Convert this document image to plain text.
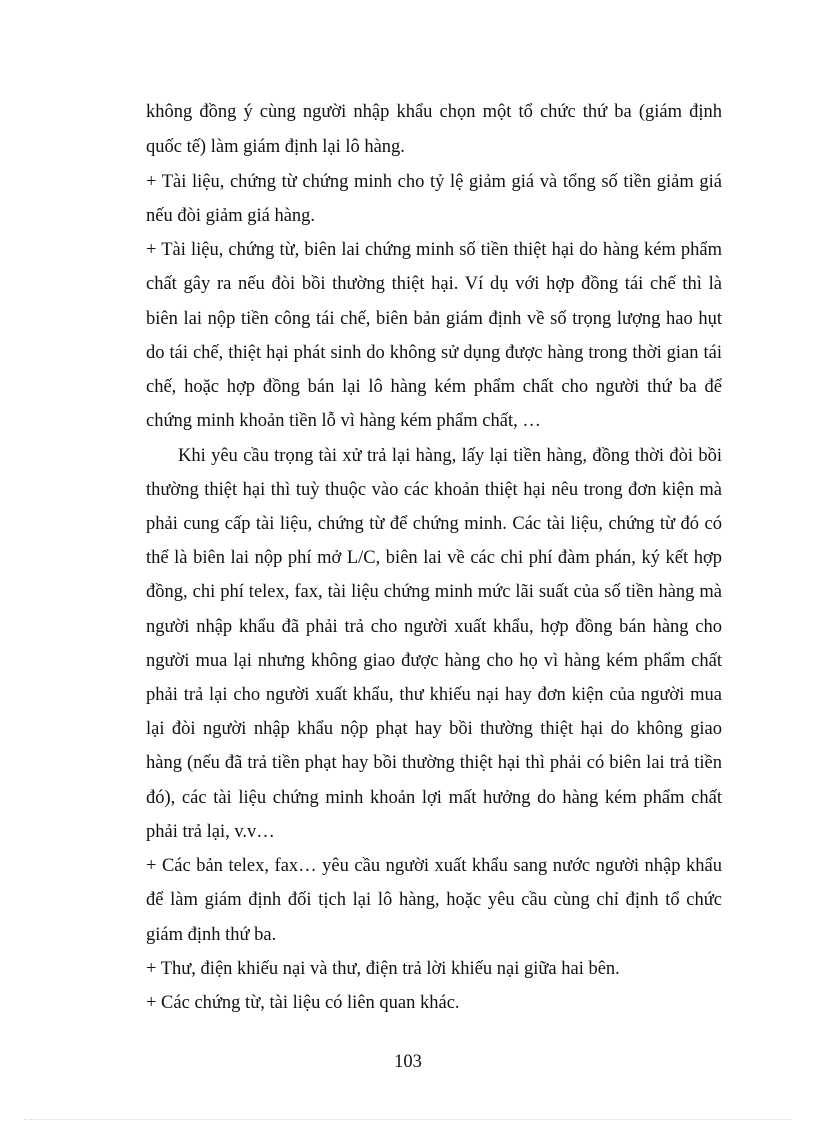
không đồng ý cùng người nhập khẩu chọn một tổ chức thứ ba (giám định
quốc tế) làm giám định lại lô hàng.
+ Tài liệu, chứng từ chứng minh cho tỷ lệ giảm giá và tổng số tiền giảm giá
nếu đòi giảm giá hàng.
+ Tài liệu, chứng từ, biên lai chứng minh số tiền thiệt hại do hàng kém phẩm
chất gây ra nếu đòi bồi thường thiệt hại. Ví dụ với hợp đồng tái chế thì là
biên lai nộp tiền công tái chế, biên bản giám định về số trọng lượng hao hụt
do tái chế, thiệt hại phát sinh do không sử dụng được hàng trong thời gian tái
chế, hoặc hợp đồng bán lại lô hàng kém phẩm chất cho người thứ ba để
chứng minh khoản tiền lỗ vì hàng kém phẩm chất, …
Khi yêu cầu trọng tài xử trả lại hàng, lấy lại tiền hàng, đồng thời đòi bồi
thường thiệt hại thì tuỳ thuộc vào các khoản thiệt hại nêu trong đơn kiện mà
phải cung cấp tài liệu, chứng từ để chứng minh. Các tài liệu, chứng từ đó có
thể là biên lai nộp phí mở L/C, biên lai về các chi phí đàm phán, ký kết hợp
đồng, chi phí telex, fax, tài liệu chứng minh mức lãi suất của số tiền hàng mà
người nhập khẩu đã phải trả cho người xuất khẩu, hợp đồng bán hàng cho
người mua lại nhưng không giao được hàng cho họ vì hàng kém phẩm chất
phải trả lại cho người xuất khẩu, thư khiếu nại hay đơn kiện của người mua
lại đòi người nhập khẩu nộp phạt hay bồi thường thiệt hại do không giao
hàng (nếu đã trả tiền phạt hay bồi thường thiệt hại thì phải có biên lai trả tiền
đó), các tài liệu chứng minh khoản lợi mất hưởng do hàng kém phẩm chất
phải trả lại, v.v…
+ Các bản telex, fax… yêu cầu người xuất khẩu sang nước người nhập khẩu
để làm giám định đối tịch lại lô hàng, hoặc yêu cầu cùng chỉ định tổ chức
giám định thứ ba.
+ Thư, điện khiếu nại và thư, điện trả lời khiếu nại giữa hai bên.
+ Các chứng từ, tài liệu có liên quan khác.
103
